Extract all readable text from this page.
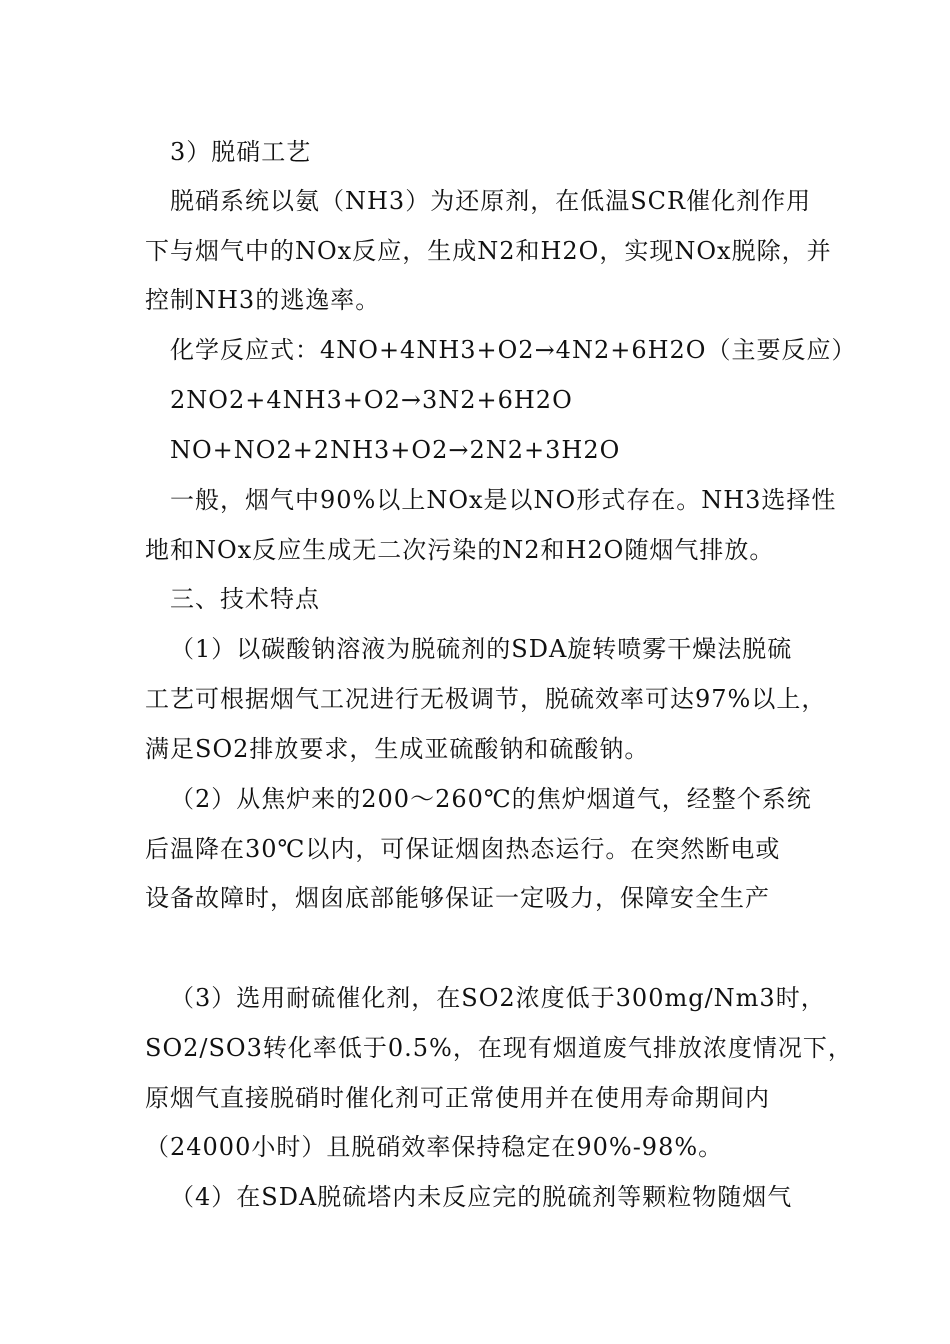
3）脱硝工艺
脱硝系统以氨（NH3）为还原剂，在低温SCR催化剂作用
下与烟气中的NOx反应，生成N2和H2O，实现NOx脱除，并
控制NH3的逃逸率。
化学反应式：4NO+4NH3+O2→4N2+6H2O（主要反应）
2NO2+4NH3+O2→3N2+6H2O
NO+NO2+2NH3+O2→2N2+3H2O
一般，烟气中90%以上NOx是以NO形式存在。NH3选择性
地和NOx反应生成无二次污染的N2和H2O随烟气排放。
三、技术特点
（1）以碳酸钠溶液为脱硫剂的SDA旋转喷雾干燥法脱硫
工艺可根据烟气工况进行无极调节，脱硫效率可达97%以上，
满足SO2排放要求，生成亚硫酸钠和硫酸钠。
（2）从焦炉来的200～260℃的焦炉烟道气，经整个系统
后温降在30℃以内，可保证烟囱热态运行。在突然断电或
设备故障时，烟囱底部能够保证一定吸力，保障安全生产
（3）选用耐硫催化剂，在SO2浓度低于300mg/Nm3时，
SO2/SO3转化率低于0.5%，在现有烟道废气排放浓度情况下，
原烟气直接脱硝时催化剂可正常使用并在使用寿命期间内
（24000小时）且脱硝效率保持稳定在90%-98%。
（4）在SDA脱硫塔内未反应完的脱硫剂等颗粒物随烟气
